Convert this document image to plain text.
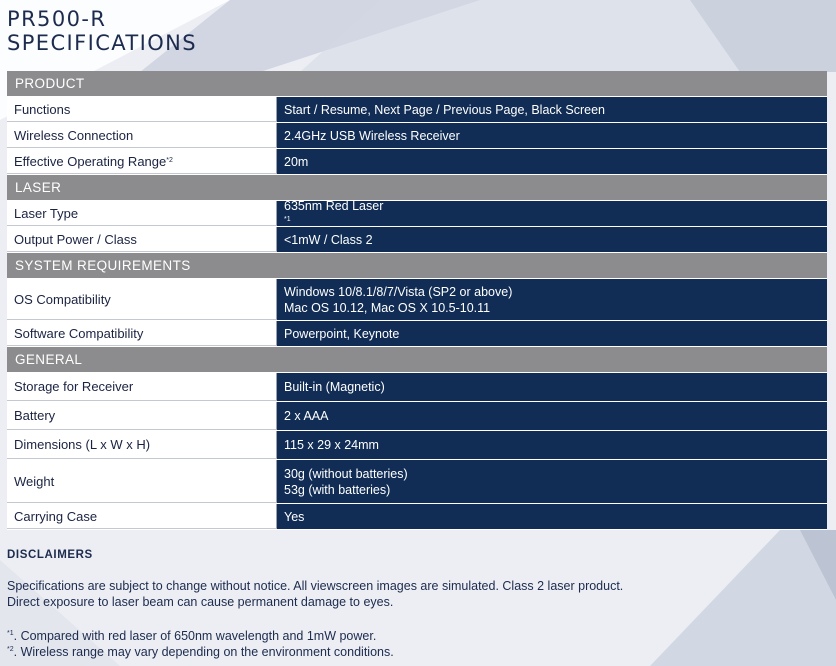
PR500-R
SPECIFICATIONS
PRODUCT
Functions	Start / Resume, Next Page / Previous Page, Black Screen
Wireless Connection	2.4GHz USB Wireless Receiver
Effective Operating Range *2	20m
LASER
Laser Type	635nm Red Laser
$^{*1}$
Output Power / Class	<1mW / Class 2
SYSTEM REQUIREMENTS
OS Compatibility	Windows 10/8.1/8/7/Vista (SP2 or above)
Mac OS 10.12, Mac OS X 10.5-10.11
Software Compatibility	Powerpoint, Keynote
GENERAL
Storage for Receiver	Built-in (Magnetic)
Battery	2 x AAA
Dimensions (L x W x H)	115 x 29 x 24mm
Weight	30g (without batteries)
53g (with batteries)
Carrying Case	Yes
DISCLAIMERS
Specifications are subject to change without notice. All viewscreen images are simulated. Class 2 laser product.
Direct exposure to laser beam can cause permanent damage to eyes.
$^{*1}$. Compared with red laser of 650nm wavelength and 1mW power.
$^{*2}$. Wireless range may vary depending on the environment conditions.
